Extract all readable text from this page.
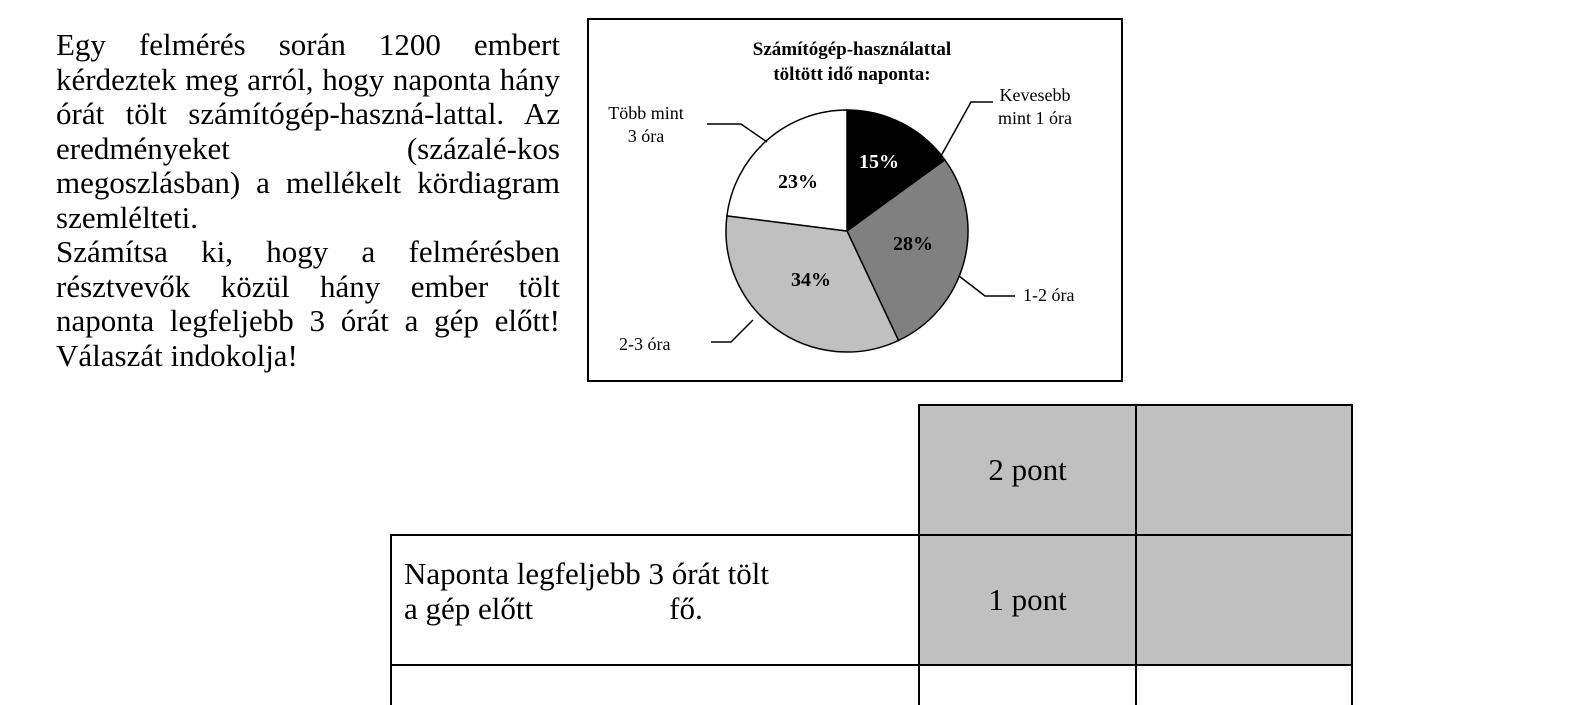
Egy felmérés során 1200 embert kérdeztek meg arról, hogy naponta hány órát tölt számítógép-haszná-lattal. Az eredményeket (százalé-kos megoszlásban) a mellékelt kördiagram szemlélteti.

Számítsa ki, hogy a felmérésben résztvevők közül hány ember tölt naponta legfeljebb 3 órát a gép előtt! Válaszát indokolja!

Számítógép-használattal
töltött idő naponta:
15%
28%
34%
23%
Kevesebb
mint 1 óra
1-2 óra
2-3 óra
Több mint
3 óra
	2 pont	
Naponta legfeljebb 3 órát tölt
a gép előtt fő.	1 pont	
